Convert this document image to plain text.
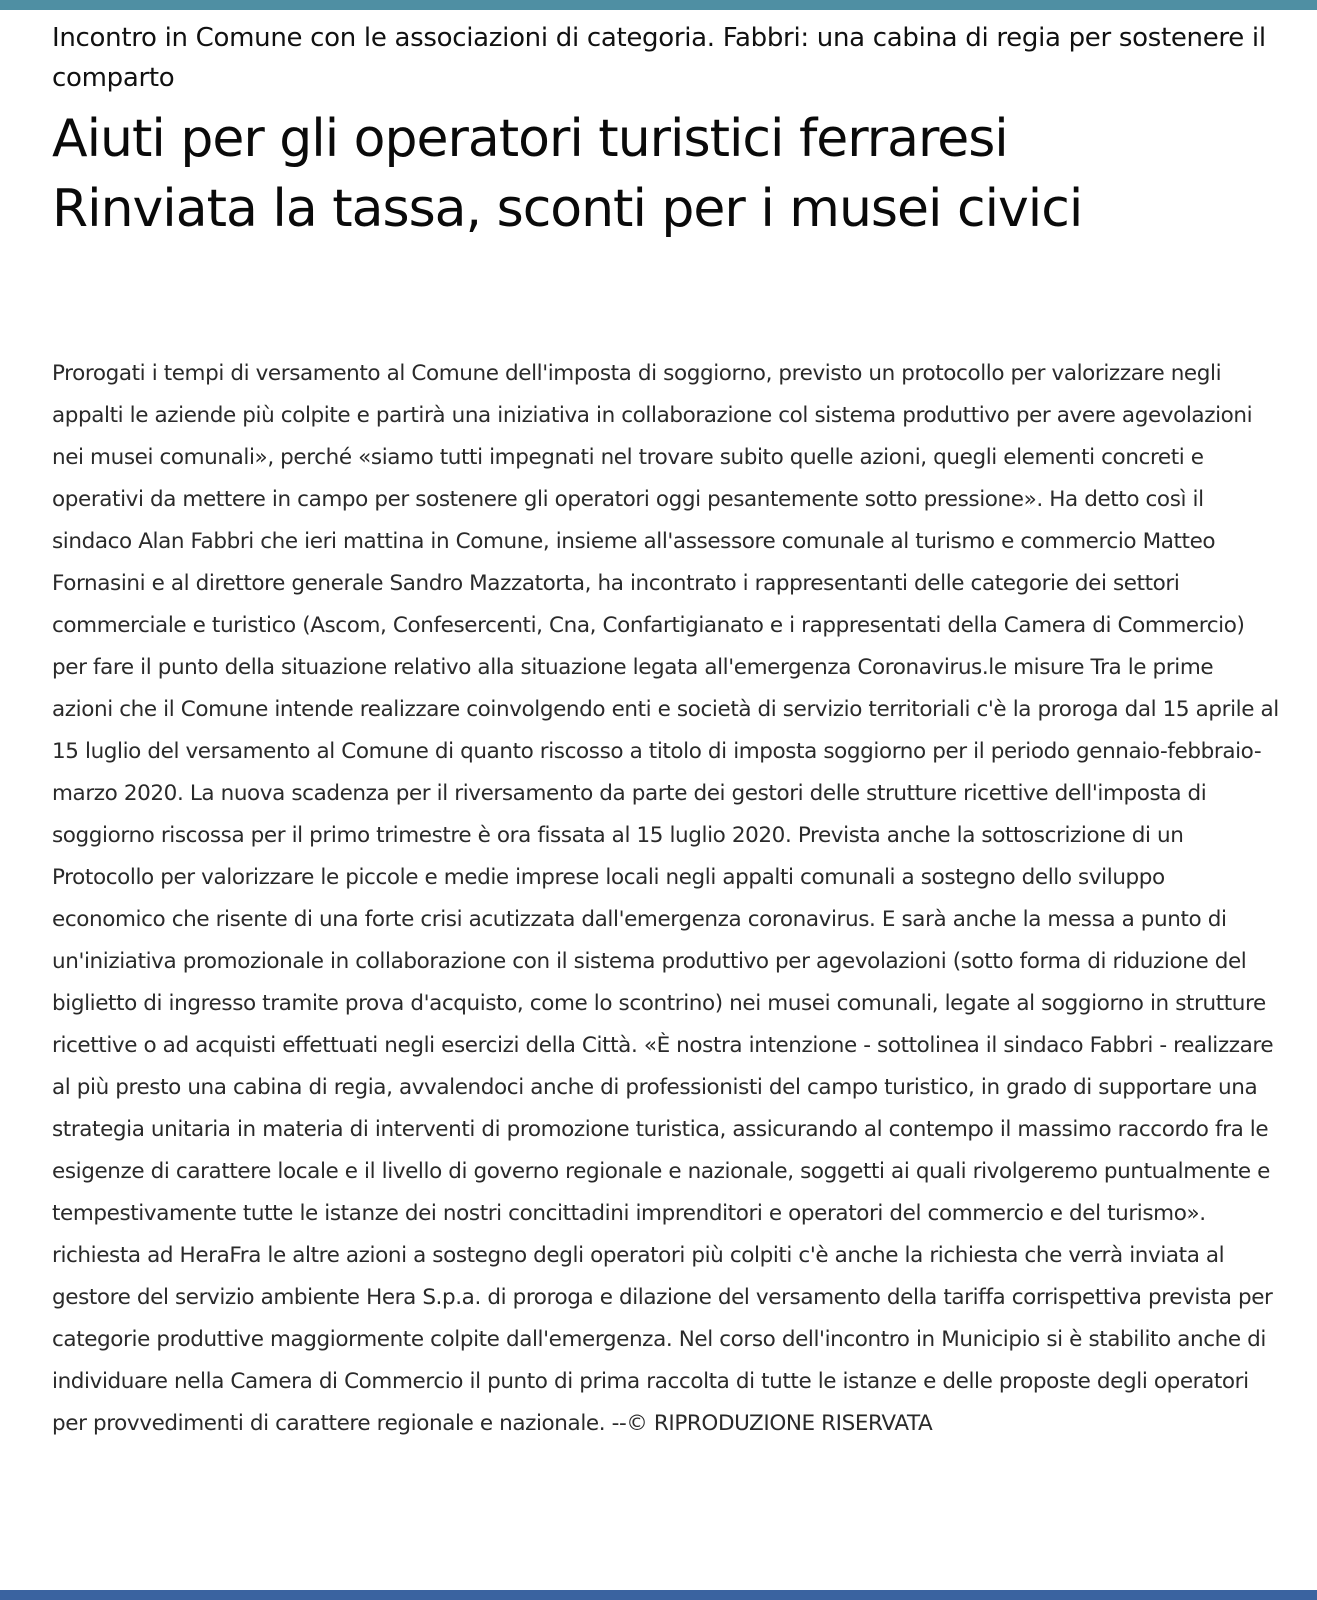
Incontro in Comune con le associazioni di categoria. Fabbri: una cabina di regia per sostenere il comparto

Aiuti per gli operatori turistici ferraresi
Rinviata la tassa, sconti per i musei civici

Prorogati i tempi di versamento al Comune dell'imposta di soggiorno, previsto un protocollo per valorizzare negli appalti le aziende più colpite e partirà una iniziativa in collaborazione col sistema produttivo per avere agevolazioni nei musei comunali», perché «siamo tutti impegnati nel trovare subito quelle azioni, quegli elementi concreti e operativi da mettere in campo per sostenere gli operatori oggi pesantemente sotto pressione». Ha detto così il sindaco Alan Fabbri che ieri mattina in Comune, insieme all'assessore comunale al turismo e commercio Matteo Fornasini e al direttore generale Sandro Mazzatorta, ha incontrato i rappresentanti delle categorie dei settori commerciale e turistico (Ascom, Confesercenti, Cna, Confartigianato e i rappresentati della Camera di Commercio) per fare il punto della situazione relativo alla situazione legata all'emergenza Coronavirus.le misure Tra le prime azioni che il Comune intende realizzare coinvolgendo enti e società di servizio territoriali c'è la proroga dal 15 aprile al 15 luglio del versamento al Comune di quanto riscosso a titolo di imposta soggiorno per il periodo gennaio-febbraio-marzo 2020. La nuova scadenza per il riversamento da parte dei gestori delle strutture ricettive dell'imposta di soggiorno riscossa per il primo trimestre è ora fissata al 15 luglio 2020. Prevista anche la sottoscrizione di un Protocollo per valorizzare le piccole e medie imprese locali negli appalti comunali a sostegno dello sviluppo economico che risente di una forte crisi acutizzata dall'emergenza coronavirus. E sarà anche la messa a punto di un'iniziativa promozionale in collaborazione con il sistema produttivo per agevolazioni (sotto forma di riduzione del biglietto di ingresso tramite prova d'acquisto, come lo scontrino) nei musei comunali, legate al soggiorno in strutture ricettive o ad acquisti effettuati negli esercizi della Città. «È nostra intenzione - sottolinea il sindaco Fabbri - realizzare al più presto una cabina di regia, avvalendoci anche di professionisti del campo turistico, in grado di supportare una strategia unitaria in materia di interventi di promozione turistica, assicurando al contempo il massimo raccordo fra le esigenze di carattere locale e il livello di governo regionale e nazionale, soggetti ai quali rivolgeremo puntualmente e tempestivamente tutte le istanze dei nostri concittadini imprenditori e operatori del commercio e del turismo». richiesta ad HeraFra le altre azioni a sostegno degli operatori più colpiti c'è anche la richiesta che verrà inviata al gestore del servizio ambiente Hera S.p.a. di proroga e dilazione del versamento della tariffa corrispettiva prevista per categorie produttive maggiormente colpite dall'emergenza. Nel corso dell'incontro in Municipio si è stabilito anche di individuare nella Camera di Commercio il punto di prima raccolta di tutte le istanze e delle proposte degli operatori per provvedimenti di carattere regionale e nazionale. --© RIPRODUZIONE RISERVATA
